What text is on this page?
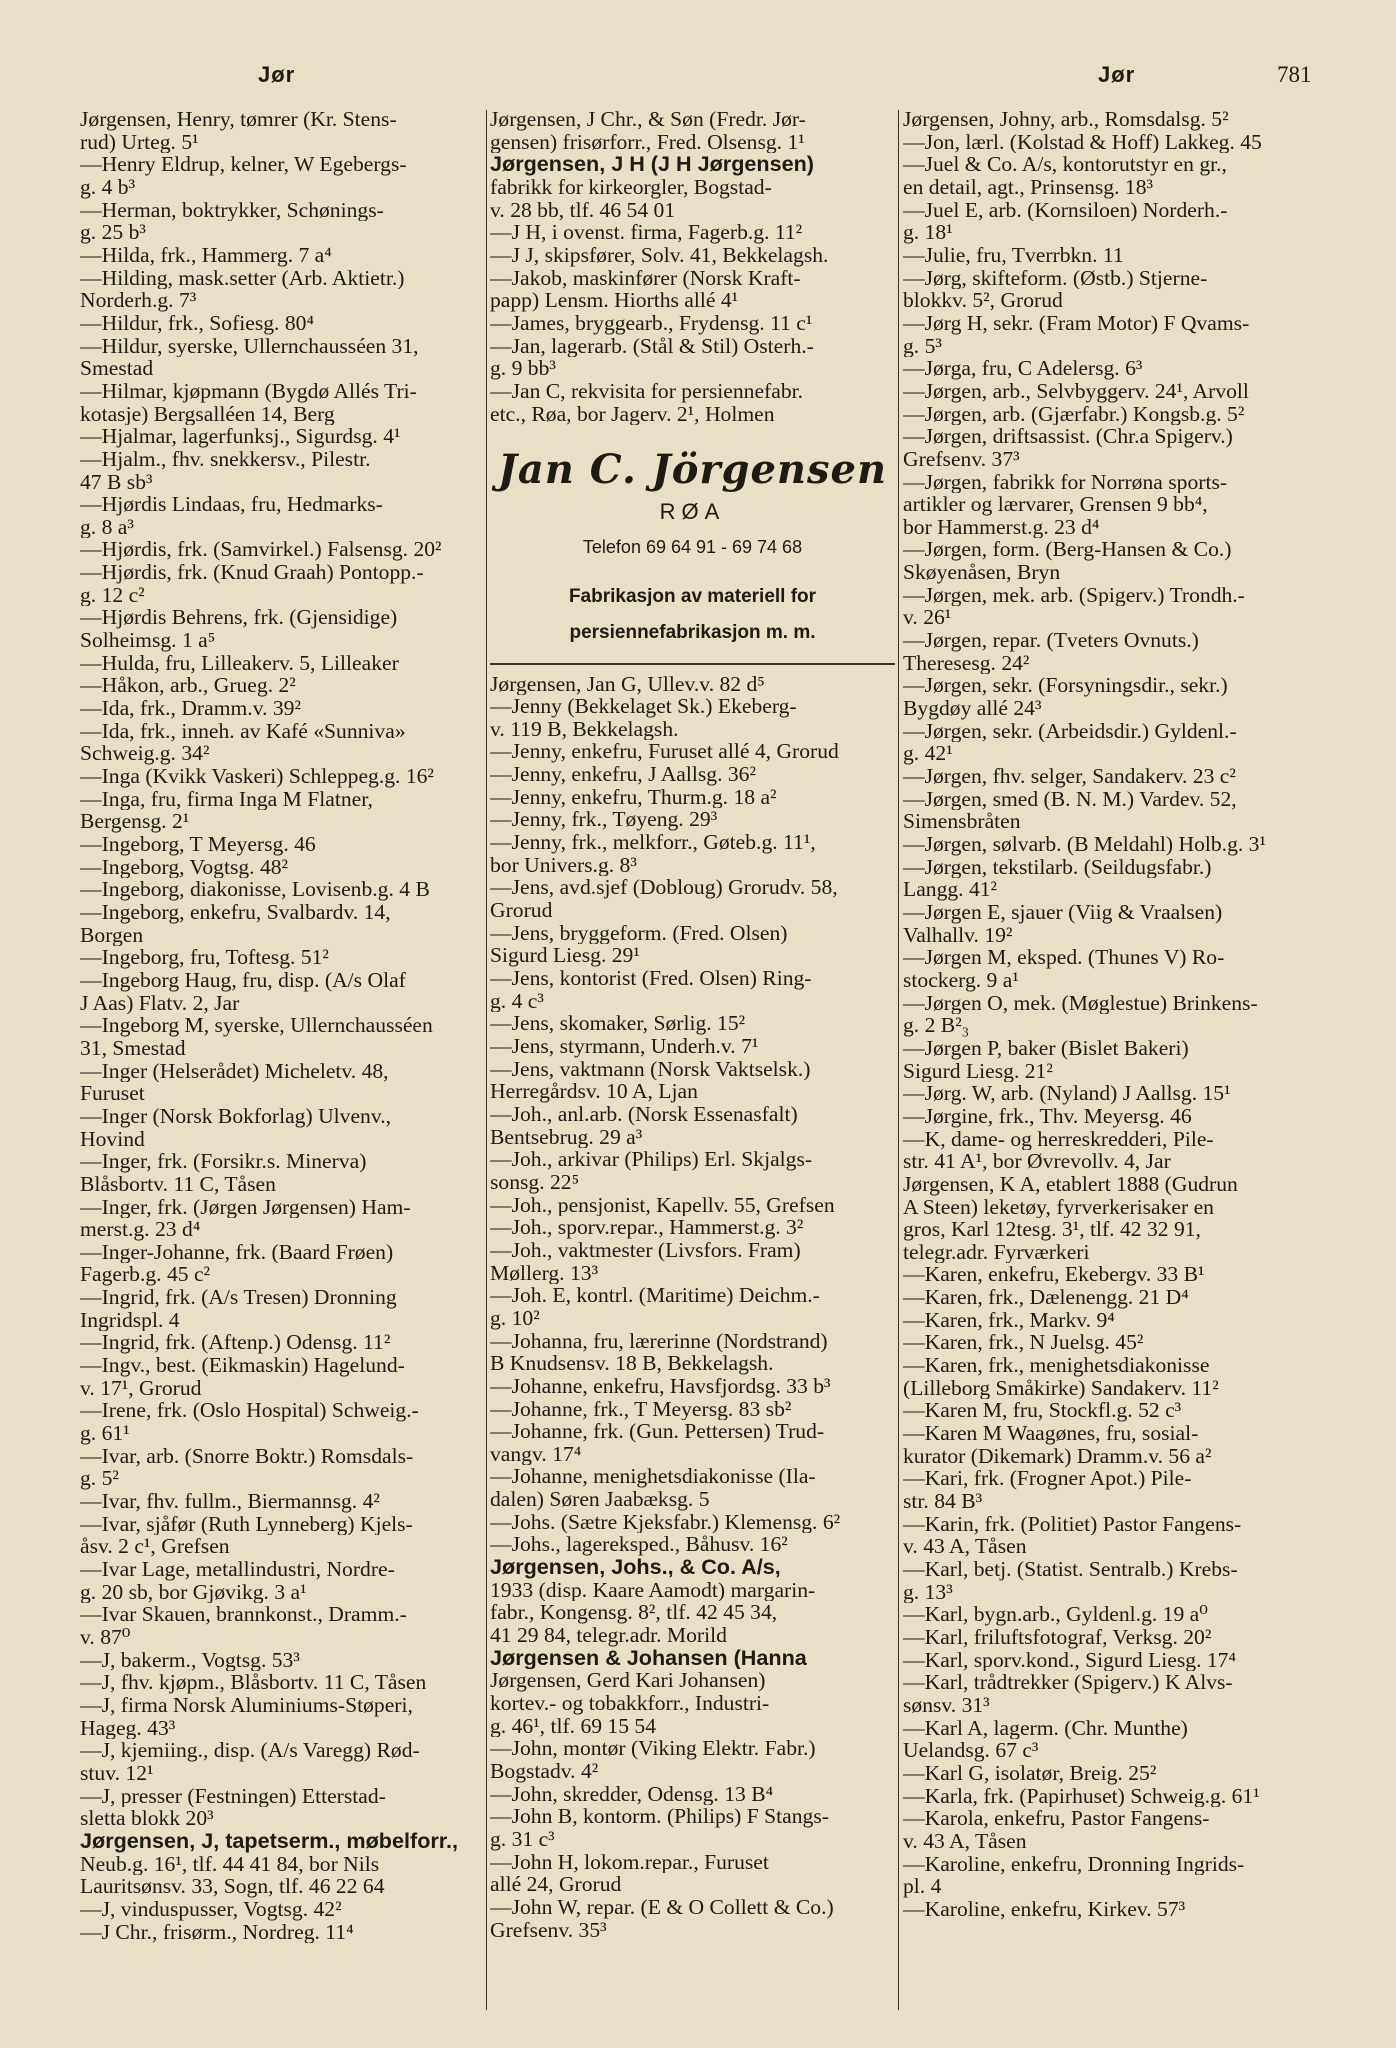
Jør	Jør	781
Jørgensen, Henry, tømrer (Kr. Stens-
rud) Urteg. 5¹
—Henry Eldrup, kelner, W Egebergs-
g. 4 b³
—Herman, boktrykker, Schønings-
g. 25 b³
—Hilda, frk., Hammerg. 7 a⁴
—Hilding, mask.setter (Arb. Aktietr.)
Norderh.g. 7³
—Hildur, frk., Sofiesg. 80⁴
—Hildur, syerske, Ullernchausséen 31,
Smestad
—Hilmar, kjøpmann (Bygdø Allés Tri-
kotasje) Bergsalléen 14, Berg
—Hjalmar, lagerfunksj., Sigurdsg. 4¹
—Hjalm., fhv. snekkersv., Pilestr.
47 B sb³
—Hjørdis Lindaas, fru, Hedmarks-
g. 8 a³
—Hjørdis, frk. (Samvirkel.) Falsensg. 20²
—Hjørdis, frk. (Knud Graah) Pontopp.-
g. 12 c²
—Hjørdis Behrens, frk. (Gjensidige)
Solheimsg. 1 a⁵
—Hulda, fru, Lilleakerv. 5, Lilleaker
—Håkon, arb., Grueg. 2²
—Ida, frk., Dramm.v. 39²
—Ida, frk., inneh. av Kafé «Sunniva»
Schweig.g. 34²
—Inga (Kvikk Vaskeri) Schleppeg.g. 16²
—Inga, fru, firma Inga M Flatner,
Bergensg. 2¹
—Ingeborg, T Meyersg. 46
—Ingeborg, Vogtsg. 48²
—Ingeborg, diakonisse, Lovisenb.g. 4 B
—Ingeborg, enkefru, Svalbardv. 14,
Borgen
—Ingeborg, fru, Toftesg. 51²
—Ingeborg Haug, fru, disp. (A/s Olaf
J Aas) Flatv. 2, Jar
—Ingeborg M, syerske, Ullernchausséen
31, Smestad
—Inger (Helserådet) Micheletv. 48,
Furuset
—Inger (Norsk Bokforlag) Ulvenv.,
Hovind
—Inger, frk. (Forsikr.s. Minerva)
Blåsbortv. 11 C, Tåsen
—Inger, frk. (Jørgen Jørgensen) Ham-
merst.g. 23 d⁴
—Inger-Johanne, frk. (Baard Frøen)
Fagerb.g. 45 c²
—Ingrid, frk. (A/s Tresen) Dronning
Ingridspl. 4
—Ingrid, frk. (Aftenp.) Odensg. 11²
—Ingv., best. (Eikmaskin) Hagelund-
v. 17¹, Grorud
—Irene, frk. (Oslo Hospital) Schweig.-
g. 61¹
—Ivar, arb. (Snorre Boktr.) Romsdals-
g. 5²
—Ivar, fhv. fullm., Biermannsg. 4²
—Ivar, sjåfør (Ruth Lynneberg) Kjels-
åsv. 2 c¹, Grefsen
—Ivar Lage, metallindustri, Nordre-
g. 20 sb, bor Gjøvikg. 3 a¹
—Ivar Skauen, brannkonst., Dramm.-
v. 87⁰
—J, bakerm., Vogtsg. 53³
—J, fhv. kjøpm., Blåsbortv. 11 C, Tåsen
—J, firma Norsk Aluminiums-Støperi,
Hageg. 43³
—J, kjemiing., disp. (A/s Varegg) Rød-
stuv. 12¹
—J, presser (Festningen) Etterstad-
sletta blokk 20³
Jørgensen, J, tapetserm., møbelforr.,
Neub.g. 16¹, tlf. 44 41 84, bor Nils
Lauritsønsv. 33, Sogn, tlf. 46 22 64
—J, vinduspusser, Vogtsg. 42²
—J Chr., frisørm., Nordreg. 11⁴
Jørgensen, J Chr., & Søn (Fredr. Jør-
gensen) frisørforr., Fred. Olsensg. 1¹
Jørgensen, J H (J H Jørgensen)
fabrikk for kirkeorgler, Bogstad-
v. 28 bb, tlf. 46 54 01
—J H, i ovenst. firma, Fagerb.g. 11²
—J J, skipsfører, Solv. 41, Bekkelagsh.
—Jakob, maskinfører (Norsk Kraft-
papp) Lensm. Hiorths allé 4¹
—James, bryggearb., Frydensg. 11 c¹
—Jan, lagerarb. (Stål & Stil) Osterh.-
g. 9 bb³
—Jan C, rekvisita for persiennefabr.
etc., Røa, bor Jagerv. 2¹, Holmen
Jan C. Jörgensen
RØA
Telefon 69 64 91 - 69 74 68
Fabrikasjon av materiell for
persiennefabrikasjon m. m.
Jørgensen, Jan G, Ullev.v. 82 d⁵
—Jenny (Bekkelaget Sk.) Ekeberg-
v. 119 B, Bekkelagsh.
—Jenny, enkefru, Furuset allé 4, Grorud
—Jenny, enkefru, J Aallsg. 36²
—Jenny, enkefru, Thurm.g. 18 a²
—Jenny, frk., Tøyeng. 29³
—Jenny, frk., melkforr., Gøteb.g. 11¹,
bor Univers.g. 8³
—Jens, avd.sjef (Dobloug) Grorudv. 58,
Grorud
—Jens, bryggeform. (Fred. Olsen)
Sigurd Liesg. 29¹
—Jens, kontorist (Fred. Olsen) Ring-
g. 4 c³
—Jens, skomaker, Sørlig. 15²
—Jens, styrmann, Underh.v. 7¹
—Jens, vaktmann (Norsk Vaktselsk.)
Herregårdsv. 10 A, Ljan
—Joh., anl.arb. (Norsk Essenasfalt)
Bentsebrug. 29 a³
—Joh., arkivar (Philips) Erl. Skjalgs-
sonsg. 22⁵
—Joh., pensjonist, Kapellv. 55, Grefsen
—Joh., sporv.repar., Hammerst.g. 3²
—Joh., vaktmester (Livsfors. Fram)
Møllerg. 13³
—Joh. E, kontrl. (Maritime) Deichm.-
g. 10²
—Johanna, fru, lærerinne (Nordstrand)
B Knudsensv. 18 B, Bekkelagsh.
—Johanne, enkefru, Havsfjordsg. 33 b³
—Johanne, frk., T Meyersg. 83 sb²
—Johanne, frk. (Gun. Pettersen) Trud-
vangv. 17⁴
—Johanne, menighetsdiakonisse (Ila-
dalen) Søren Jaabæksg. 5
—Johs. (Sætre Kjeksfabr.) Klemensg. 6²
—Johs., lagereksped., Båhusv. 16²
Jørgensen, Johs., & Co. A/s,
1933 (disp. Kaare Aamodt) margarin-
fabr., Kongensg. 8², tlf. 42 45 34,
41 29 84, telegr.adr. Morild
Jørgensen & Johansen (Hanna
Jørgensen, Gerd Kari Johansen)
kortev.- og tobakkforr., Industri-
g. 46¹, tlf. 69 15 54
—John, montør (Viking Elektr. Fabr.)
Bogstadv. 4²
—John, skredder, Odensg. 13 B⁴
—John B, kontorm. (Philips) F Stangs-
g. 31 c³
—John H, lokom.repar., Furuset
allé 24, Grorud
—John W, repar. (E & O Collett & Co.)
Grefsenv. 35³
Jørgensen, Johny, arb., Romsdalsg. 5²
—Jon, lærl. (Kolstad & Hoff) Lakkeg. 45
—Juel & Co. A/s, kontorutstyr en gr.,
en detail, agt., Prinsensg. 18³
—Juel E, arb. (Kornsiloen) Norderh.-
g. 18¹
—Julie, fru, Tverrbkn. 11
—Jørg, skifteform. (Østb.) Stjerne-
blokkv. 5², Grorud
—Jørg H, sekr. (Fram Motor) F Qvams-
g. 5³
—Jørga, fru, C Adelersg. 6³
—Jørgen, arb., Selvbyggerv. 24¹, Arvoll
—Jørgen, arb. (Gjærfabr.) Kongsb.g. 5²
—Jørgen, driftsassist. (Chr.a Spigerv.)
Grefsenv. 37³
—Jørgen, fabrikk for Norrøna sports-
artikler og lærvarer, Grensen 9 bb⁴,
bor Hammerst.g. 23 d⁴
—Jørgen, form. (Berg-Hansen & Co.)
Skøyenåsen, Bryn
—Jørgen, mek. arb. (Spigerv.) Trondh.-
v. 26¹
—Jørgen, repar. (Tveters Ovnuts.)
Theresesg. 24²
—Jørgen, sekr. (Forsyningsdir., sekr.)
Bygdøy allé 24³
—Jørgen, sekr. (Arbeidsdir.) Gyldenl.-
g. 42¹
—Jørgen, fhv. selger, Sandakerv. 23 c²
—Jørgen, smed (B. N. M.) Vardev. 52,
Simensbråten
—Jørgen, sølvarb. (B Meldahl) Holb.g. 3¹
—Jørgen, tekstilarb. (Seildugsfabr.)
Langg. 41²
—Jørgen E, sjauer (Viig & Vraalsen)
Valhallv. 19²
—Jørgen M, eksped. (Thunes V) Ro-
stockerg. 9 a¹
—Jørgen O, mek. (Møglestue) Brinkens-
g. 2 B²₃
—Jørgen P, baker (Bislet Bakeri)
Sigurd Liesg. 21²
—Jørg. W, arb. (Nyland) J Aallsg. 15¹
—Jørgine, frk., Thv. Meyersg. 46
—K, dame- og herreskredderi, Pile-
str. 41 A¹, bor Øvrevollv. 4, Jar
Jørgensen, K A, etablert 1888 (Gudrun
A Steen) leketøy, fyrverkerisaker en
gros, Karl 12tesg. 3¹, tlf. 42 32 91,
telegr.adr. Fyrværkeri
—Karen, enkefru, Ekebergv. 33 B¹
—Karen, frk., Dælenengg. 21 D⁴
—Karen, frk., Markv. 9⁴
—Karen, frk., N Juelsg. 45²
—Karen, frk., menighetsdiakonisse
(Lilleborg Småkirke) Sandakerv. 11²
—Karen M, fru, Stockfl.g. 52 c³
—Karen M Waagønes, fru, sosial-
kurator (Dikemark) Dramm.v. 56 a²
—Kari, frk. (Frogner Apot.) Pile-
str. 84 B³
—Karin, frk. (Politiet) Pastor Fangens-
v. 43 A, Tåsen
—Karl, betj. (Statist. Sentralb.) Krebs-
g. 13³
—Karl, bygn.arb., Gyldenl.g. 19 a⁰
—Karl, friluftsfotograf, Verksg. 20²
—Karl, sporv.kond., Sigurd Liesg. 17⁴
—Karl, trådtrekker (Spigerv.) K Alvs-
sønsv. 31³
—Karl A, lagerm. (Chr. Munthe)
Uelandsg. 67 c³
—Karl G, isolatør, Breig. 25²
—Karla, frk. (Papirhuset) Schweig.g. 61¹
—Karola, enkefru, Pastor Fangens-
v. 43 A, Tåsen
—Karoline, enkefru, Dronning Ingrids-
pl. 4
—Karoline, enkefru, Kirkev. 57³
